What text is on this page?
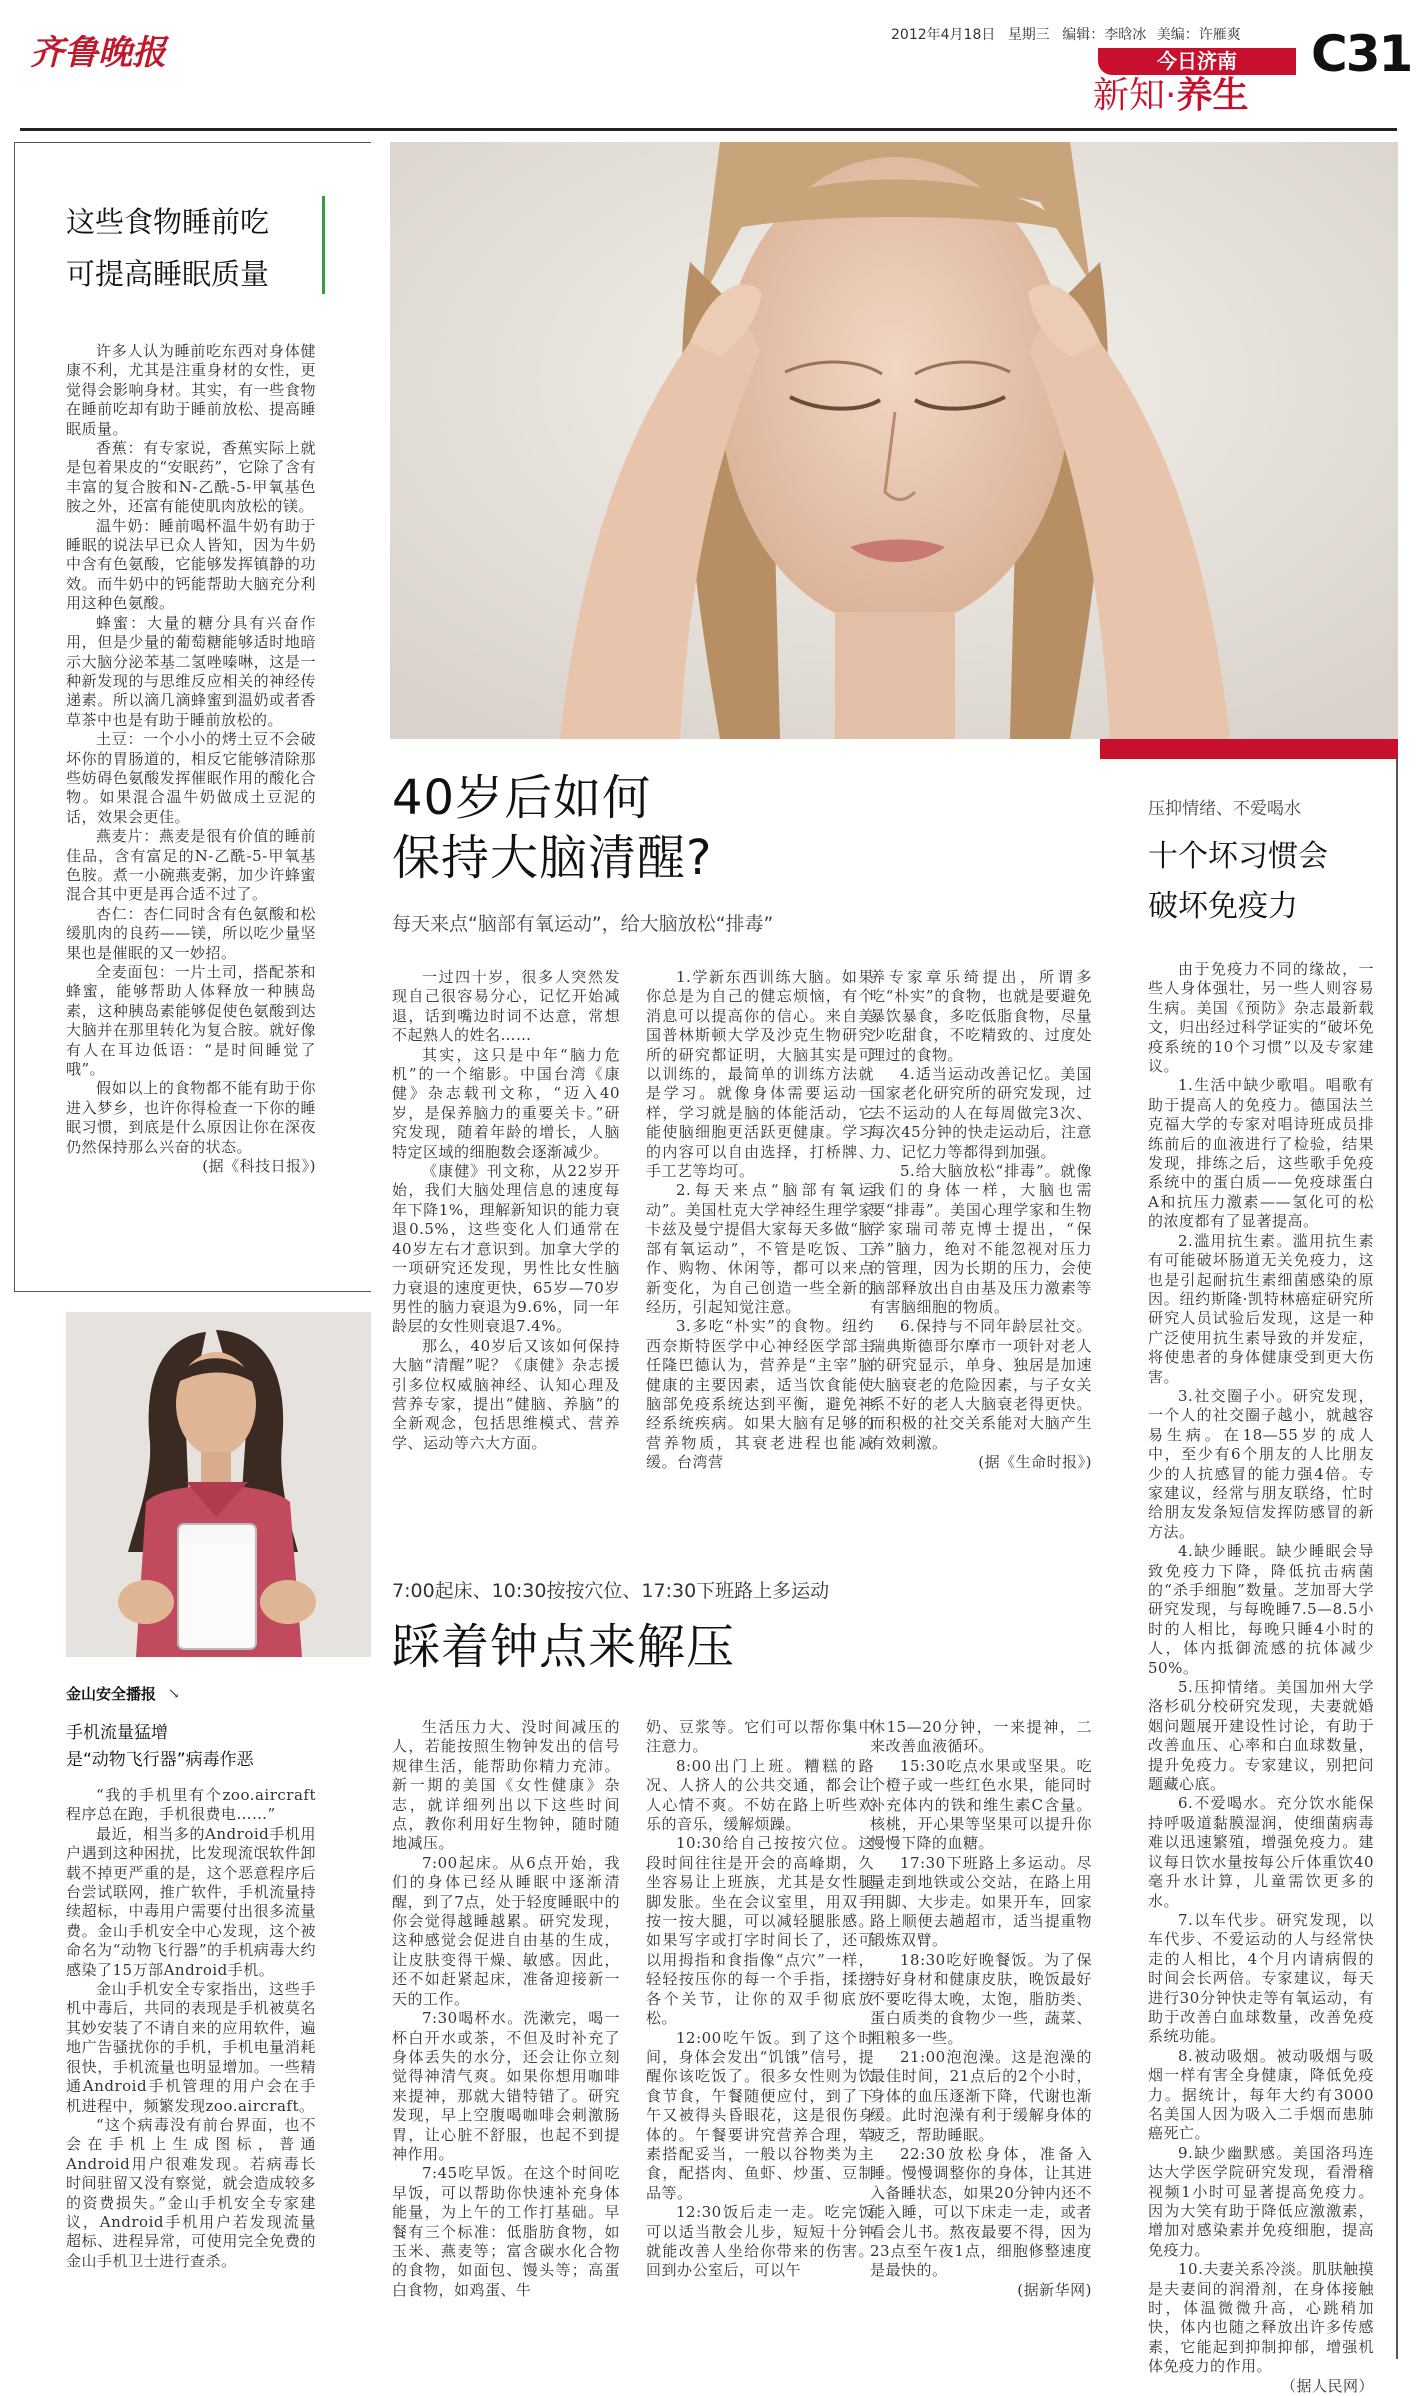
齐鲁晚报	2012年4月18日 星期三 编辑：李晗冰 美编：许雁爽
今日济南
新知·养生
C31
这些食物睡前吃
可提高睡眠质量

许多人认为睡前吃东西对身体健康不利，尤其是注重身材的女性，更觉得会影响身材。其实，有一些食物在睡前吃却有助于睡前放松、提高睡眠质量。

香蕉：有专家说，香蕉实际上就是包着果皮的“安眠药”，它除了含有丰富的复合胺和N-乙酰-5-甲氧基色胺之外，还富有能使肌肉放松的镁。

温牛奶：睡前喝杯温牛奶有助于睡眠的说法早已众人皆知，因为牛奶中含有色氨酸，它能够发挥镇静的功效。而牛奶中的钙能帮助大脑充分利用这种色氨酸。

蜂蜜：大量的糖分具有兴奋作用，但是少量的葡萄糖能够适时地暗示大脑分泌苯基二氢唑嗪啉，这是一种新发现的与思维反应相关的神经传递素。所以滴几滴蜂蜜到温奶或者香草茶中也是有助于睡前放松的。

土豆：一个小小的烤土豆不会破坏你的胃肠道的，相反它能够清除那些妨碍色氨酸发挥催眠作用的酸化合物。如果混合温牛奶做成土豆泥的话，效果会更佳。

燕麦片：燕麦是很有价值的睡前佳品，含有富足的N-乙酰-5-甲氧基色胺。煮一小碗燕麦粥，加少许蜂蜜混合其中更是再合适不过了。

杏仁：杏仁同时含有色氨酸和松缓肌肉的良药——镁，所以吃少量坚果也是催眠的又一妙招。

全麦面包：一片土司，搭配茶和蜂蜜，能够帮助人体释放一种胰岛素，这种胰岛素能够促使色氨酸到达大脑并在那里转化为复合胺。就好像有人在耳边低语：“是时间睡觉了哦”。

假如以上的食物都不能有助于你进入梦乡，也许你得检查一下你的睡眠习惯，到底是什么原因让你在深夜仍然保持那么兴奋的状态。

(据《科技日报》)

金山安全播报 ↘
手机流量猛增
是“动物飞行器”病毒作恶

“我的手机里有个zoo.aircraft程序总在跑，手机很费电……”

最近，相当多的Android手机用户遇到这种困扰，比发现流氓软件卸载不掉更严重的是，这个恶意程序后台尝试联网，推广软件，手机流量持续超标，中毒用户需要付出很多流量费。金山手机安全中心发现，这个被命名为“动物飞行器”的手机病毒大约感染了15万部Android手机。

金山手机安全专家指出，这些手机中毒后，共同的表现是手机被莫名其妙安装了不请自来的应用软件，遍地广告骚扰你的手机，手机电量消耗很快，手机流量也明显增加。一些精通Android手机管理的用户会在手机进程中，频繁发现zoo.aircraft。

“这个病毒没有前台界面，也不会在手机上生成图标，普通Android用户很难发现。若病毒长时间驻留又没有察觉，就会造成较多的资费损失。”金山手机安全专家建议，Android手机用户若发现流量超标、进程异常，可使用完全免费的金山手机卫士进行查杀。

40岁后如何
保持大脑清醒?
每天来点“脑部有氧运动”，给大脑放松“排毒”

一过四十岁，很多人突然发现自己很容易分心，记忆开始减退，话到嘴边时词不达意，常想不起熟人的姓名……

其实，这只是中年“脑力危机”的一个缩影。中国台湾《康健》杂志载刊文称，“迈入40岁，是保养脑力的重要关卡。”研究发现，随着年龄的增长，人脑特定区域的细胞数会逐渐减少。

《康健》刊文称，从22岁开始，我们大脑处理信息的速度每年下降1%，理解新知识的能力衰退0.5%，这些变化人们通常在40岁左右才意识到。加拿大学的一项研究还发现，男性比女性脑力衰退的速度更快，65岁—70岁男性的脑力衰退为9.6%，同一年龄层的女性则衰退7.4%。

那么，40岁后又该如何保持大脑“清醒”呢？《康健》杂志援引多位权威脑神经、认知心理及营养专家，提出“健脑、养脑”的全新观念，包括思维模式、营养学、运动等六大方面。

1.学新东西训练大脑。如果你总是为自己的健忘烦恼，有个消息可以提高你的信心。来自美国普林斯顿大学及沙克生物研究所的研究都证明，大脑其实是可以训练的，最简单的训练方法就是学习。就像身体需要运动一样，学习就是脑的体能活动，它能使脑细胞更活跃更健康。学习的内容可以自由选择，打桥牌、手工艺等均可。

2.每天来点“脑部有氧运动”。美国杜克大学神经生理学家卡兹及曼宁提倡大家每天多做“脑部有氧运动”，不管是吃饭、工作、购物、休闲等，都可以来点新变化，为自己创造一些全新的经历，引起知觉注意。

3.多吃“朴实”的食物。纽约西奈斯特医学中心神经医学部主任隆巴德认为，营养是“主宰”脑健康的主要因素，适当饮食能使脑部免疫系统达到平衡，避免神经系统疾病。如果大脑有足够的营养物质，其衰老进程也能减缓。台湾营

养专家章乐绮提出，所谓多吃“朴实”的食物，也就是要避免暴饮暴食，多吃低脂食物，尽量少吃甜食，不吃精致的、过度处理过的食物。

4.适当运动改善记忆。美国国家老化研究所的研究发现，过去不运动的人在每周做完3次、每次45分钟的快走运动后，注意力、记忆力等都得到加强。

5.给大脑放松“排毒”。就像我们的身体一样，大脑也需要“排毒”。美国心理学家和生物学家瑞司蒂克博士提出，“保养”脑力，绝对不能忽视对压力的管理，因为长期的压力，会使脑部释放出自由基及压力激素等有害脑细胞的物质。

6.保持与不同年龄层社交。瑞典斯德哥尔摩市一项针对老人的研究显示，单身、独居是加速大脑衰老的危险因素，与子女关系不好的老人大脑衰老得更快。而积极的社交关系能对大脑产生有效刺激。

(据《生命时报》)

压抑情绪、不爱喝水
十个坏习惯会
破坏免疫力

由于免疫力不同的缘故，一些人身体强壮，另一些人则容易生病。美国《预防》杂志最新载文，归出经过科学证实的“破坏免疫系统的10个习惯”以及专家建议。

1.生活中缺少歌唱。唱歌有助于提高人的免疫力。德国法兰克福大学的专家对唱诗班成员排练前后的血液进行了检验，结果发现，排练之后，这些歌手免疫系统中的蛋白质——免疫球蛋白A和抗压力激素——氢化可的松的浓度都有了显著提高。

2.滥用抗生素。滥用抗生素有可能破坏肠道无关免疫力，这也是引起耐抗生素细菌感染的原因。纽约斯隆·凯特林癌症研究所研究人员试验后发现，这是一种广泛使用抗生素导致的并发症，将使患者的身体健康受到更大伤害。

3.社交圈子小。研究发现，一个人的社交圈子越小，就越容易生病。在18—55岁的成人中，至少有6个朋友的人比朋友少的人抗感冒的能力强4倍。专家建议，经常与朋友联络，忙时给朋友发条短信发挥防感冒的新方法。

4.缺少睡眠。缺少睡眠会导致免疫力下降，降低抗击病菌的“杀手细胞”数量。芝加哥大学研究发现，与每晚睡7.5—8.5小时的人相比，每晚只睡4小时的人，体内抵御流感的抗体减少50%。

5.压抑情绪。美国加州大学洛杉矶分校研究发现，夫妻就婚姻问题展开建设性讨论，有助于改善血压、心率和白血球数量，提升免疫力。专家建议，别把问题藏心底。

6.不爱喝水。充分饮水能保持呼吸道黏膜湿润，使细菌病毒难以迅速繁殖，增强免疫力。建议每日饮水量按每公斤体重饮40毫升水计算，儿童需饮更多的水。

7.以车代步。研究发现，以车代步、不爱运动的人与经常快走的人相比，4个月内请病假的时间会长两倍。专家建议，每天进行30分钟快走等有氧运动，有助于改善白血球数量，改善免疫系统功能。

8.被动吸烟。被动吸烟与吸烟一样有害全身健康，降低免疫力。据统计，每年大约有3000名美国人因为吸入二手烟而患肺癌死亡。

9.缺少幽默感。美国洛玛连达大学医学院研究发现，看滑稽视频1小时可显著提高免疫力。因为大笑有助于降低应激激素，增加对感染素并免疫细胞，提高免疫力。

10.夫妻关系冷淡。肌肤触摸是夫妻间的润滑剂，在身体接触时，体温微微升高，心跳稍加快，体内也随之释放出许多传感素，它能起到抑制抑郁，增强机体免疫力的作用。

（据人民网）

7:00起床、10:30按按穴位、17:30下班路上多运动
踩着钟点来解压

生活压力大、没时间减压的人，若能按照生物钟发出的信号规律生活，能帮助你精力充沛。新一期的美国《女性健康》杂志，就详细列出以下这些时间点，教你利用好生物钟，随时随地减压。

7:00起床。从6点开始，我们的身体已经从睡眠中逐渐清醒，到了7点，处于轻度睡眠中的你会觉得越睡越累。研究发现，这种感觉会促进自由基的生成，让皮肤变得干燥、敏感。因此，还不如赶紧起床，准备迎接新一天的工作。

7:30喝杯水。洗漱完，喝一杯白开水或茶，不但及时补充了身体丢失的水分，还会让你立刻觉得神清气爽。如果你想用咖啡来提神，那就大错特错了。研究发现，早上空腹喝咖啡会刺激肠胃，让心脏不舒服，也起不到提神作用。

7:45吃早饭。在这个时间吃早饭，可以帮助你快速补充身体能量，为上午的工作打基础。早餐有三个标准：低脂肪食物，如玉米、燕麦等；富含碳水化合物的食物，如面包、馒头等；高蛋白食物，如鸡蛋、牛

奶、豆浆等。它们可以帮你集中注意力。

8:00出门上班。糟糕的路况、人挤人的公共交通，都会让人心情不爽。不妨在路上听些欢乐的音乐，缓解烦躁。

10:30给自己按按穴位。这段时间往往是开会的高峰期，久坐容易让上班族，尤其是女性腿脚发胀。坐在会议室里，用双手按一按大腿，可以减轻腿胀感。如果写字或打字时间长了，还可以用拇指和食指像“点穴”一样，轻轻按压你的每一个手指，揉搓各个关节，让你的双手彻底放松。

12:00吃午饭。到了这个时间，身体会发出“饥饿”信号，提醒你该吃饭了。很多女性则为饮食节食，午餐随便应付，到了下午又被得头昏眼花，这是很伤身体的。午餐要讲究营养合理，荤素搭配妥当，一般以谷物类为主食，配搭肉、鱼虾、炒蛋、豆制品等。

12:30饭后走一走。吃完饭可以适当散会儿步，短短十分钟就能改善人坐给你带来的伤害。回到办公室后，可以午

休15—20分钟，一来提神，二来改善血液循环。

15:30吃点水果或坚果。吃个橙子或一些红色水果，能同时补充体内的铁和维生素C含量。核桃，开心果等坚果可以提升你慢慢下降的血糖。

17:30下班路上多运动。尽量走到地铁或公交站，在路上用用脚、大步走。如果开车，回家路上顺便去趟超市，适当提重物锻炼双臂。

18:30吃好晚餐饭。为了保持好身材和健康皮肤，晚饭最好不要吃得太晚，太饱，脂肪类、蛋白质类的食物少一些，蔬菜、粗粮多一些。

21:00泡泡澡。这是泡澡的最佳时间，21点后的2个小时，身体的血压逐渐下降，代谢也渐缓。此时泡澡有利于缓解身体的疲乏，帮助睡眠。

22:30放松身体，准备入睡。慢慢调整你的身体，让其进入备睡状态，如果20分钟内还不能入睡，可以下床走一走，或者看会儿书。熬夜最要不得，因为23点至午夜1点，细胞修整速度是最快的。

(据新华网)
